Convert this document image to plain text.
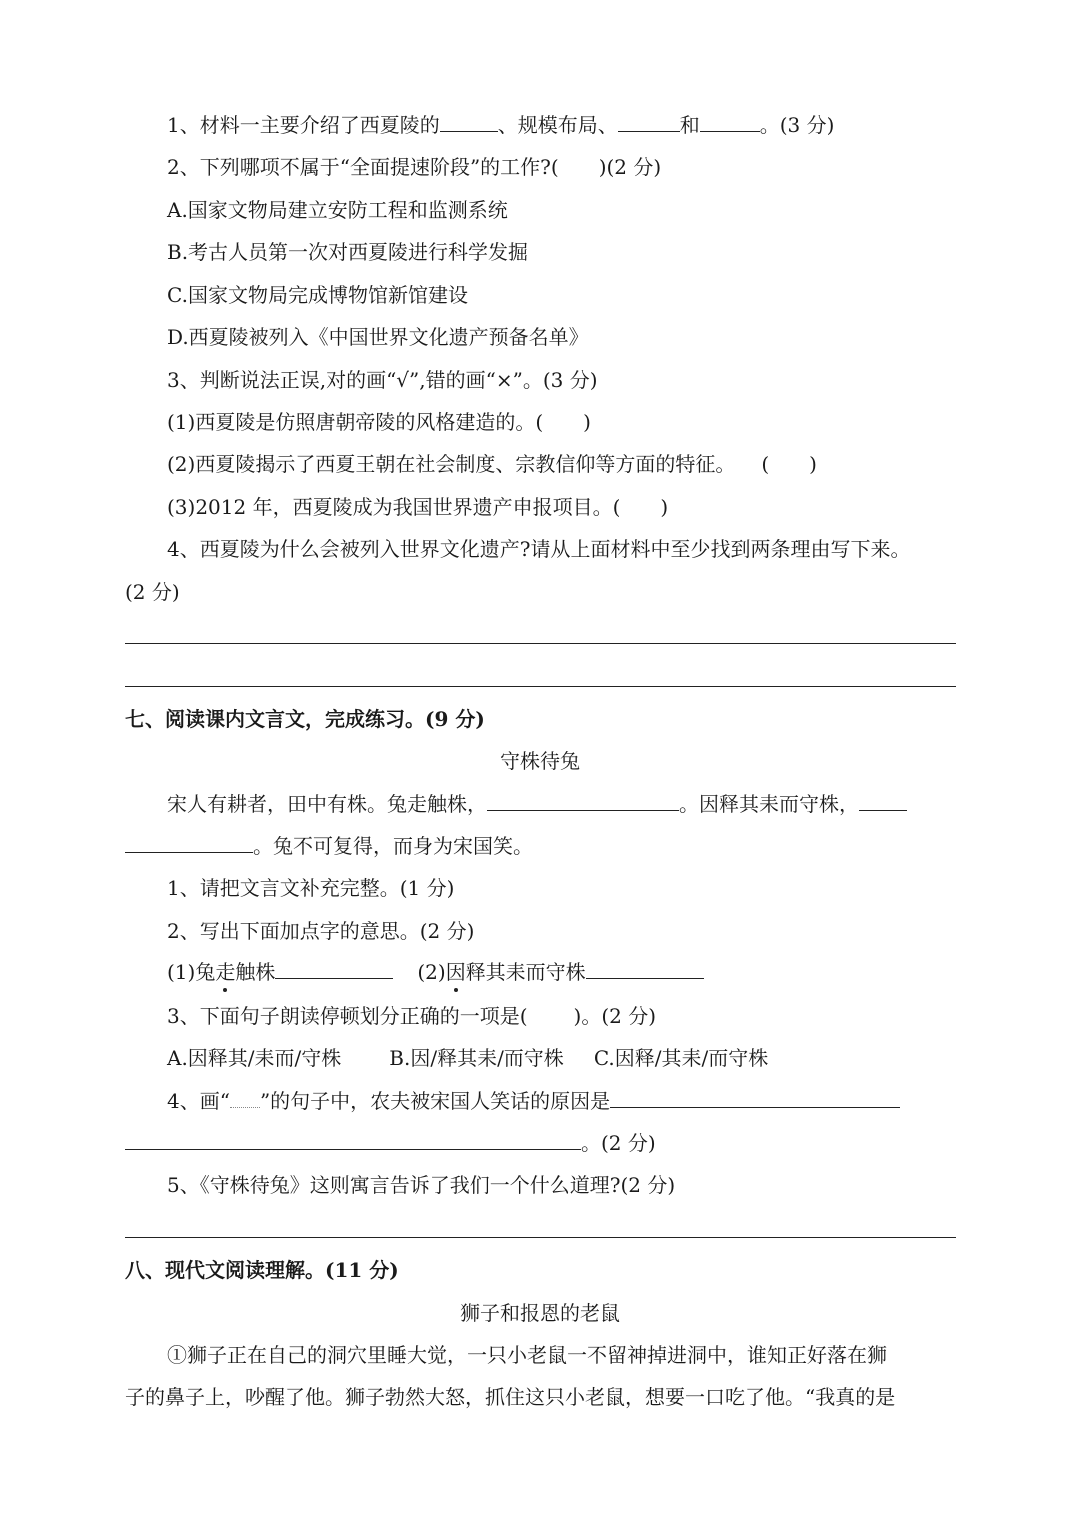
1、材料一主要介绍了西夏陵的	、规模布局、	和	。(3 分)
2、下列哪项不属于“全面提速阶段”的工作?( )(2 分)
A.国家文物局建立安防工程和监测系统
B.考古人员第一次对西夏陵进行科学发掘
C.国家文物局完成博物馆新馆建设
D.西夏陵被列入《中国世界文化遗产预备名单》
3、判断说法正误,对的画“√”,错的画“×”。(3 分)
(1)西夏陵是仿照唐朝帝陵的风格建造的。( )
(2)西夏陵揭示了西夏王朝在社会制度、宗教信仰等方面的特征。 (　　)
(3)2012 年，西夏陵成为我国世界遗产申报项目。( )
4、西夏陵为什么会被列入世界文化遗产?请从上面材料中至少找到两条理由写下来。
(2 分)
七、阅读课内文言文，完成练习。(9 分)
守株待兔
宋人有耕者，田中有株。兔走触株，	。因释其耒而守株，
。兔不可复得，而身为宋国笑。
1、请把文言文补充完整。(1 分)
2、写出下面加点字的意思。(2 分)
(1)兔走触株	(2)因释其耒而守株
3、下面句子朗读停顿划分正确的一项是( )。(2 分)
A.因释其/耒而/守株 B.因/释其耒/而守株 C.因释/其耒/而守株
4、画“ ”的句子中，农夫被宋国人笑话的原因是
。(2 分)
5、《守株待兔》这则寓言告诉了我们一个什么道理?(2 分)
八、现代文阅读理解。(11 分)
狮子和报恩的老鼠
①狮子正在自己的洞穴里睡大觉，一只小老鼠一不留神掉进洞中，谁知正好落在狮
子的鼻子上，吵醒了他。狮子勃然大怒，抓住这只小老鼠，想要一口吃了他。“我真的是
